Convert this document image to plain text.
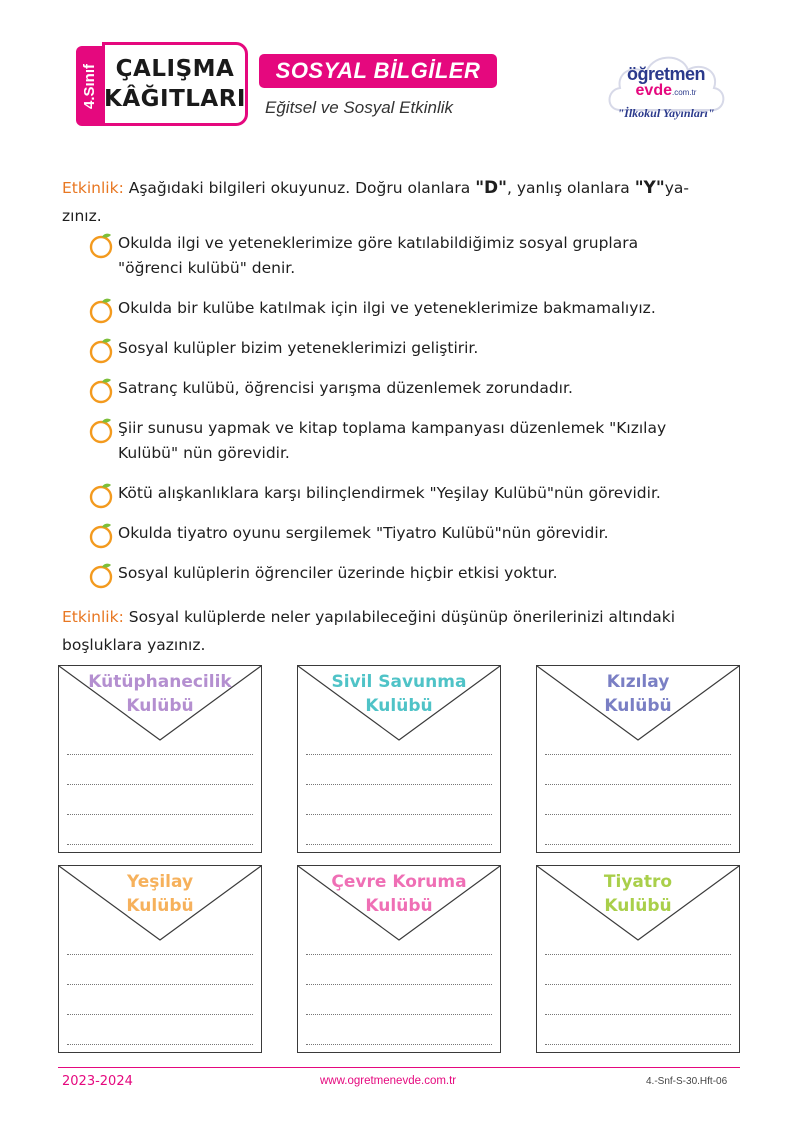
4.Sınıf ÇALIŞMA
KÂĞITLARI
SOSYAL BİLGİLER
Eğitsel ve Sosyal Etkinlik
öğretmen
evde.com.tr
"İlkokul Yayınları"
Etkinlik: Aşağıdaki bilgileri okuyunuz. Doğru olanlara "D", yanlış olanlara "Y"ya-
zınız.
Okulda ilgi ve yeteneklerimize göre katılabildiğimiz sosyal gruplara
"öğrenci kulübü" denir.
Okulda bir kulübe katılmak için ilgi ve yeteneklerimize bakmamalıyız.
Sosyal kulüpler bizim yeteneklerimizi geliştirir.
Satranç kulübü, öğrencisi yarışma düzenlemek zorundadır.
Şiir sunusu yapmak ve kitap toplama kampanyası düzenlemek "Kızılay
Kulübü" nün görevidir.
Kötü alışkanlıklara karşı bilinçlendirmek "Yeşilay Kulübü"nün görevidir.
Okulda tiyatro oyunu sergilemek "Tiyatro Kulübü"nün görevidir.
Sosyal kulüplerin öğrenciler üzerinde hiçbir etkisi yoktur.
Etkinlik: Sosyal kulüplerde neler yapılabileceğini düşünüp önerilerinizi altındaki
boşluklara yazınız.
Kütüphanecilik
Kulübü
Sivil Savunma
Kulübü
Kızılay
Kulübü
Yeşilay
Kulübü
Çevre Koruma
Kulübü
Tiyatro
Kulübü
2023-2024	www.ogretmenevde.com.tr	4.-Snf-S-30.Hft-06
